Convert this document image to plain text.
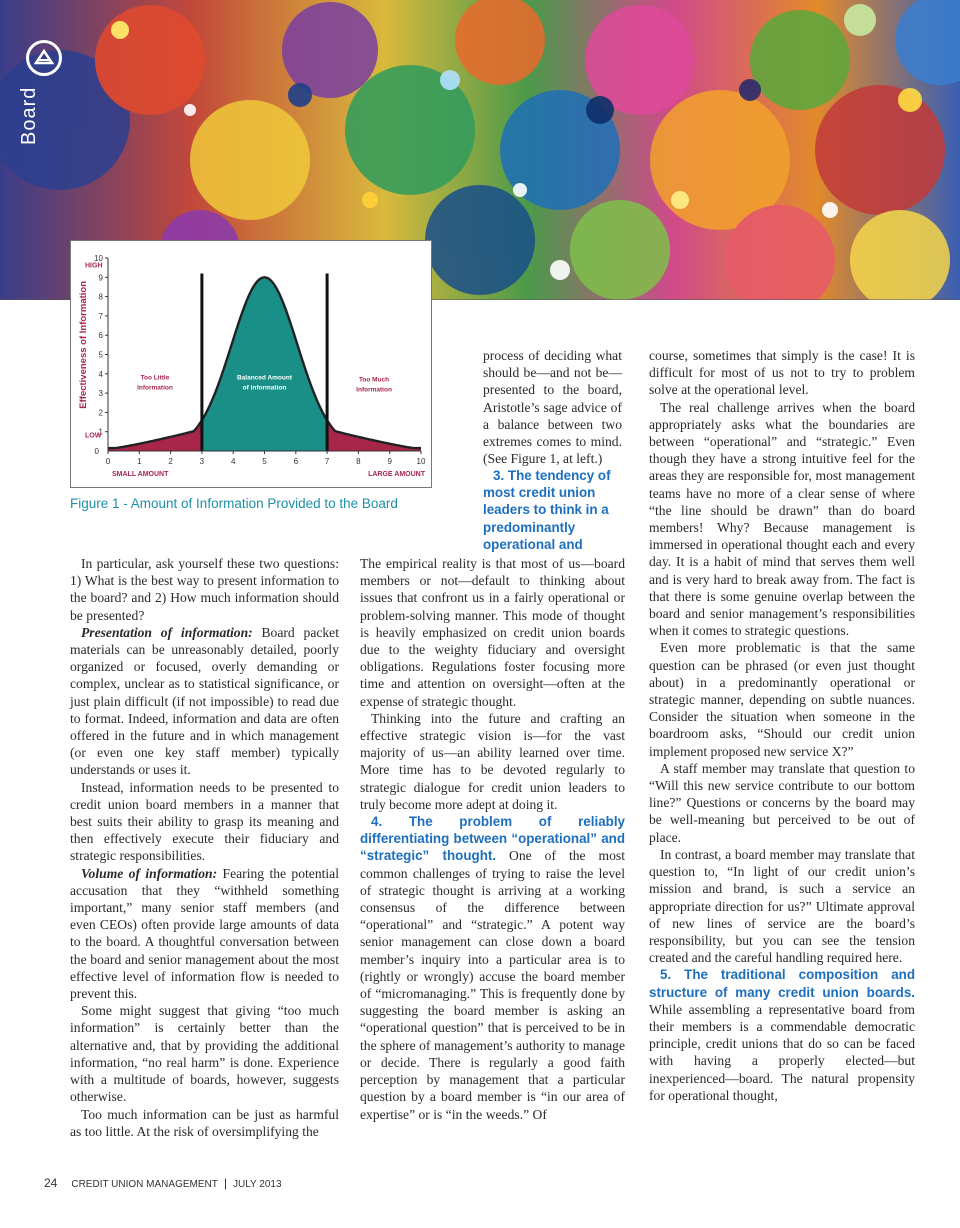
Board
0	1	2	3	4	5	6	7	8	9	10
1
2
3
4
5
6
7
8
9
10
0
HIGH
LOW
SMALL AMOUNT	LARGE AMOUNT
Effectiveness of Information	Too Little
Information
Balanced Amount
of Information
Too Much
Information
Figure 1 - Amount of Information Provided to the Board

In particular, ask yourself these two questions: 1) What is the best way to present information to the board? and 2) How much information should be presented?

Presentation of information: Board packet materials can be unreasonably detailed, poorly organized or focused, overly demanding or complex, unclear as to statistical significance, or just plain difficult (if not impossible) to read due to format. Indeed, information and data are often offered in the future and in which management (or even one key staff member) typically understands or uses it.

Instead, information needs to be presented to credit union board members in a manner that best suits their ability to grasp its meaning and then effectively execute their fiduciary and strategic responsibilities.

Volume of information: Fearing the potential accusation that they “withheld something important,” many senior staff members (and even CEOs) often provide large amounts of data to the board. A thoughtful conversation between the board and senior management about the most effective level of information flow is needed to prevent this.

Some might suggest that giving “too much information” is certainly better than the alternative and, that by providing the additional information, “no real harm” is done. Experience with a multitude of boards, however, suggests otherwise.

Too much information can be just as harmful as too little. At the risk of oversimplifying the

process of deciding what should be—and not be—presented to the board, Aristotle’s sage advice of a balance between two extremes comes to mind. (See Figure 1, at left.)

The empirical reality is that most of us—board members or not—default to thinking about issues that confront us in a fairly operational or problem-solving manner. This mode of thought is heavily emphasized on credit union boards due to the weighty fiduciary and oversight obligations. Regulations foster focusing more time and attention on oversight—often at the expense of strategic thought.

Thinking into the future and crafting an effective strategic vision is—for the vast majority of us—an ability learned over time. More time has to be devoted regularly to strategic dialogue for credit union leaders to truly become more adept at doing it.

4. The problem of reliably differentiating between “operational” and “strategic” thought. One of the most common challenges of trying to raise the level of strategic thought is arriving at a working consensus of the difference between “operational” and “strategic.” A potent way senior management can close down a board member’s inquiry into a particular area is to (rightly or wrongly) accuse the board member of “micromanaging.” This is frequently done by suggesting the board member is asking an “operational question” that is perceived to be in the sphere of management’s authority to manage or decide. There is regularly a good faith perception by management that a particular question by a board member is “in our area of expertise” or is “in the weeds.” Of

3. The tendency of most credit union leaders to think in a predominantly operational and

course, sometimes that simply is the case! It is difficult for most of us not to try to problem solve at the operational level.

The real challenge arrives when the board appropriately asks what the boundaries are between “operational” and “strategic.” Even though they have a strong intuitive feel for the areas they are responsible for, most management teams have no more of a clear sense of where “the line should be drawn” than do board members! Why? Because management is immersed in operational thought each and every day. It is a habit of mind that serves them well and is very hard to break away from. The fact is that there is some genuine overlap between the board and senior management’s responsibilities when it comes to strategic questions.

Even more problematic is that the same question can be phrased (or even just thought about) in a predominantly operational or strategic manner, depending on subtle nuances. Consider the situation when someone in the boardroom asks, “Should our credit union implement proposed new service X?”

A staff member may translate that question to “Will this new service contribute to our bottom line?” Questions or concerns by the board may be well-meaning but perceived to be out of place.

In contrast, a board member may translate that question to, “In light of our credit union’s mission and brand, is such a service an appropriate direction for us?” Ultimate approval of new lines of service are the board’s responsibility, but you can see the tension created and the careful handling required here.

5. The traditional composition and structure of many credit union boards. While assembling a representative board from their members is a commendable democratic principle, credit unions that do so can be faced with having a properly elected—but inexperienced—board. The natural propensity for operational thought,

24 CREDIT UNION MANAGEMENT | JULY 2013
